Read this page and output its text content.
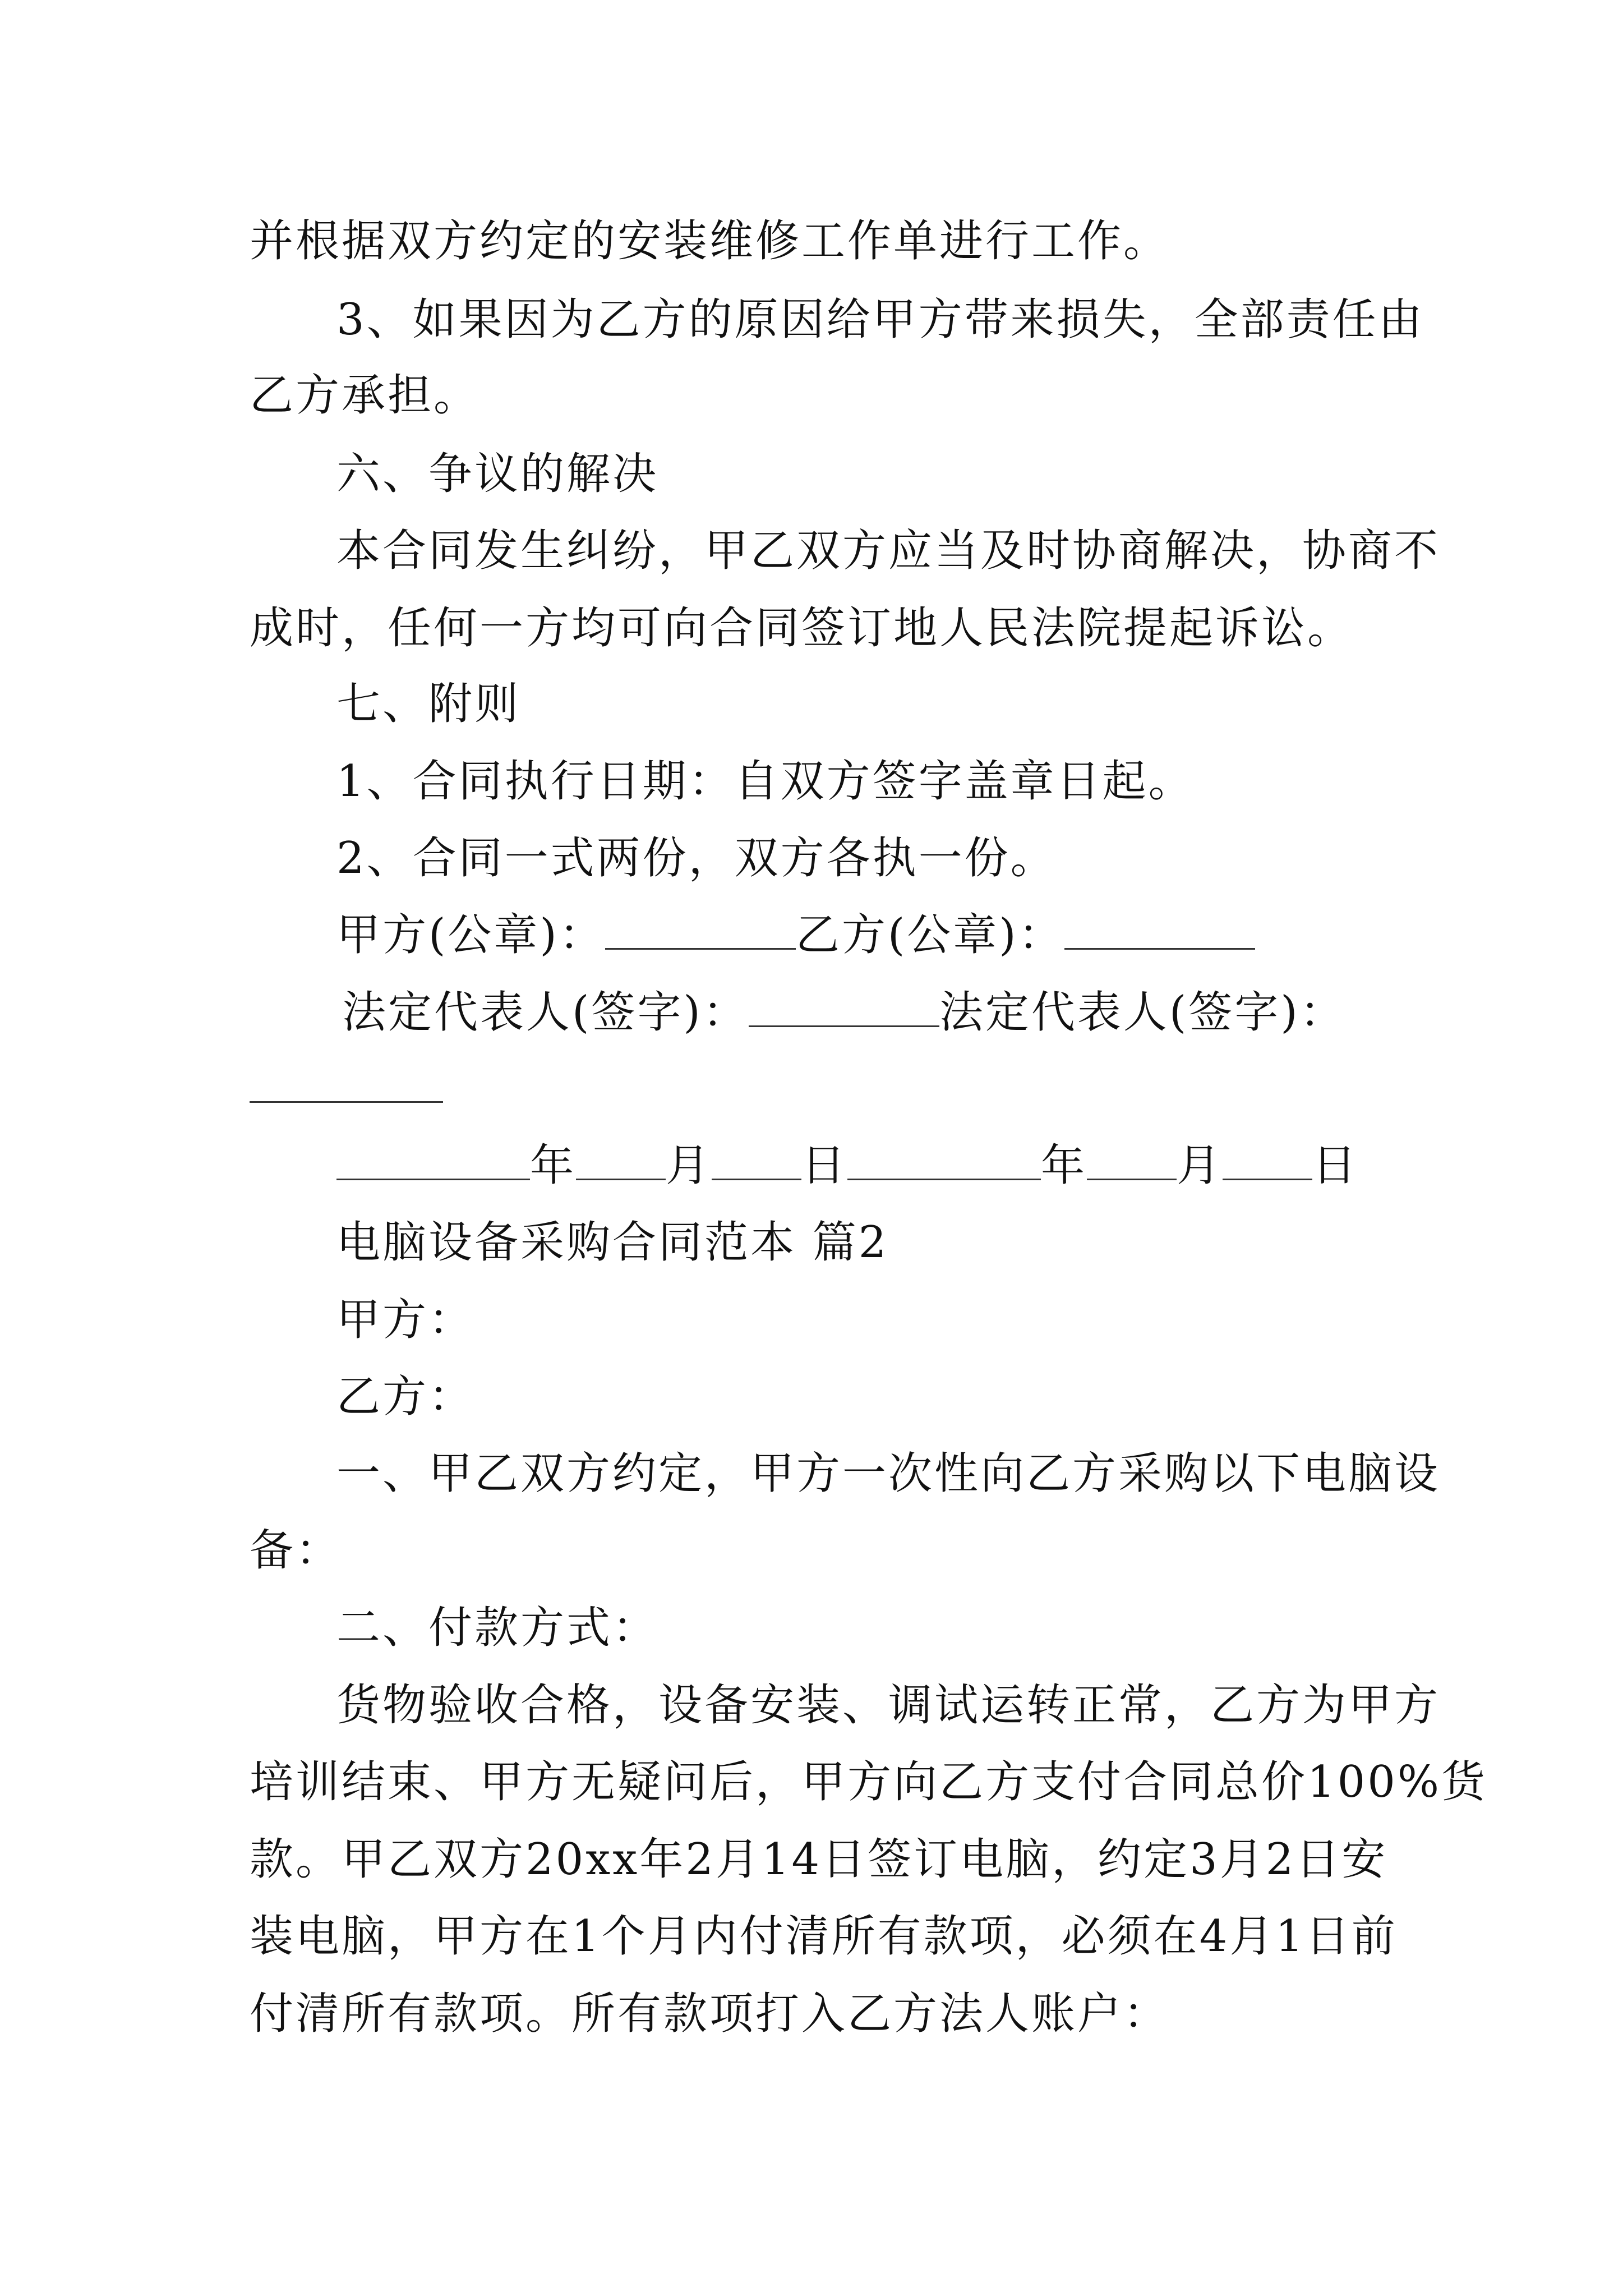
并根据双方约定的安装维修工作单进行工作。
3、如果因为乙方的原因给甲方带来损失，全部责任由
乙方承担。
六、争议的解决
本合同发生纠纷，甲乙双方应当及时协商解决，协商不
成时，任何一方均可向合同签订地人民法院提起诉讼。
七、附则
1、合同执行日期：自双方签字盖章日起。
2、合同一式两份，双方各执一份。
甲方(公章)：	乙方(公章)：
法定代表人(签字)：	法定代表人(签字)：
年 月 日	年 月 日
电脑设备采购合同范本 篇2
甲方：
乙方：
一、甲乙双方约定，甲方一次性向乙方采购以下电脑设
备：
二、付款方式：
货物验收合格，设备安装、调试运转正常，乙方为甲方
培训结束、甲方无疑问后，甲方向乙方支付合同总价100%货
款。甲乙双方20xx年2月14日签订电脑，约定3月2日安
装电脑，甲方在1个月内付清所有款项，必须在4月1日前
付清所有款项。所有款项打入乙方法人账户：
